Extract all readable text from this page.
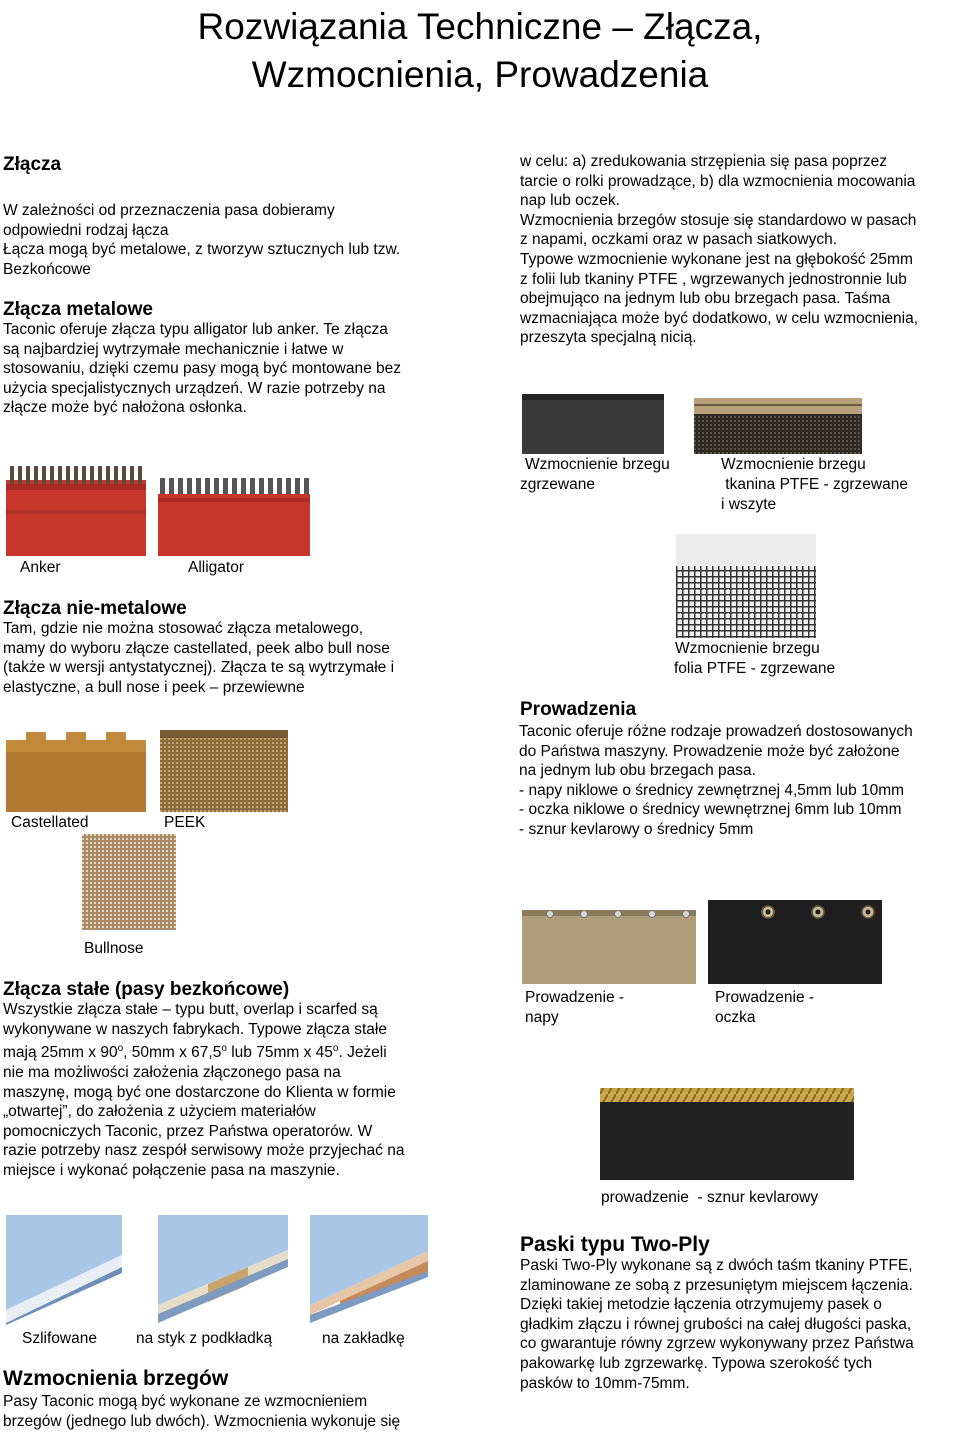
Rozwiązania Techniczne – Złącza,
Wzmocnienia, Prowadzenia
Złącza
W zależności od przeznaczenia pasa dobieramy
odpowiedni rodzaj łącza
Łącza mogą być metalowe, z tworzyw sztucznych lub tzw.
Bezkońcowe
Złącza metalowe
Taconic oferuje złącza typu alligator lub anker. Te złącza
są najbardziej wytrzymałe mechanicznie i łatwe w
stosowaniu, dzięki czemu pasy mogą być montowane bez
użycia specjalistycznych urządzeń. W razie potrzeby na
złącze może być nałożona osłonka.
Anker	Alligator
Złącza nie-metalowe
Tam, gdzie nie można stosować złącza metalowego,
mamy do wyboru złącze castellated, peek albo bull nose
(także w wersji antystatycznej). Złącza te są wytrzymałe i
elastyczne, a bull nose i peek – przewiewne
Castellated	PEEK
Bullnose
Złącza stałe (pasy bezkońcowe)
Wszystkie złącza stałe – typu butt, overlap i scarfed są
wykonywane w naszych fabrykach. Typowe złącza stałe
mają 25mm x 90$^o$, 50mm x 67,5$^o$ lub 75mm x 45$^o$. Jeżeli
nie ma możliwości założenia złączonego pasa na
maszynę, mogą być one dostarczone do Klienta w formie
„otwartej”, do założenia z użyciem materiałów
pomocniczych Taconic, przez Państwa operatorów. W
razie potrzeby nasz zespół serwisowy może przyjechać na
miejsce i wykonać połączenie pasa na maszynie.
Szlifowane	na styk z podkładką	na zakładkę
Wzmocnienia brzegów
Pasy Taconic mogą być wykonane ze wzmocnieniem
brzegów (jednego lub dwóch). Wzmocnienia wykonuje się
w celu: a) zredukowania strzępienia się pasa poprzez
tarcie o rolki prowadzące, b) dla wzmocnienia mocowania
nap lub oczek.
Wzmocnienia brzegów stosuje się standardowo w pasach
z napami, oczkami oraz w pasach siatkowych.
Typowe wzmocnienie wykonane jest na głębokość 25mm
z folii lub tkaniny PTFE , wgrzewanych jednostronnie lub
obejmująco na jednym lub obu brzegach pasa. Taśma
wzmacniająca może być dodatkowo, w celu wzmocnienia,
przeszyta specjalną nicią.
Wzmocnienie brzegu
zgrzewane
Wzmocnienie brzegu
tkanina PTFE - zgrzewane
i wszyte
Wzmocnienie brzegu
folia PTFE - zgrzewane
Prowadzenia
Taconic oferuje różne rodzaje prowadzeń dostosowanych
do Państwa maszyny. Prowadzenie może być założone
na jednym lub obu brzegach pasa.
- napy niklowe o średnicy zewnętrznej 4,5mm lub 10mm
- oczka niklowe o średnicy wewnętrznej 6mm lub 10mm
- sznur kevlarowy o średnicy 5mm
Prowadzenie -
napy
Prowadzenie -
oczka
prowadzenie  - sznur kevlarowy
Paski typu Two-Ply
Paski Two-Ply wykonane są z dwóch taśm tkaniny PTFE,
zlaminowane ze sobą z przesuniętym miejscem łączenia.
Dzięki takiej metodzie łączenia otrzymujemy pasek o
gładkim złączu i równej grubości na całej długości paska,
co gwarantuje równy zgrzew wykonywany przez Państwa
pakowarkę lub zgrzewarkę. Typowa szerokość tych
pasków to 10mm-75mm.
